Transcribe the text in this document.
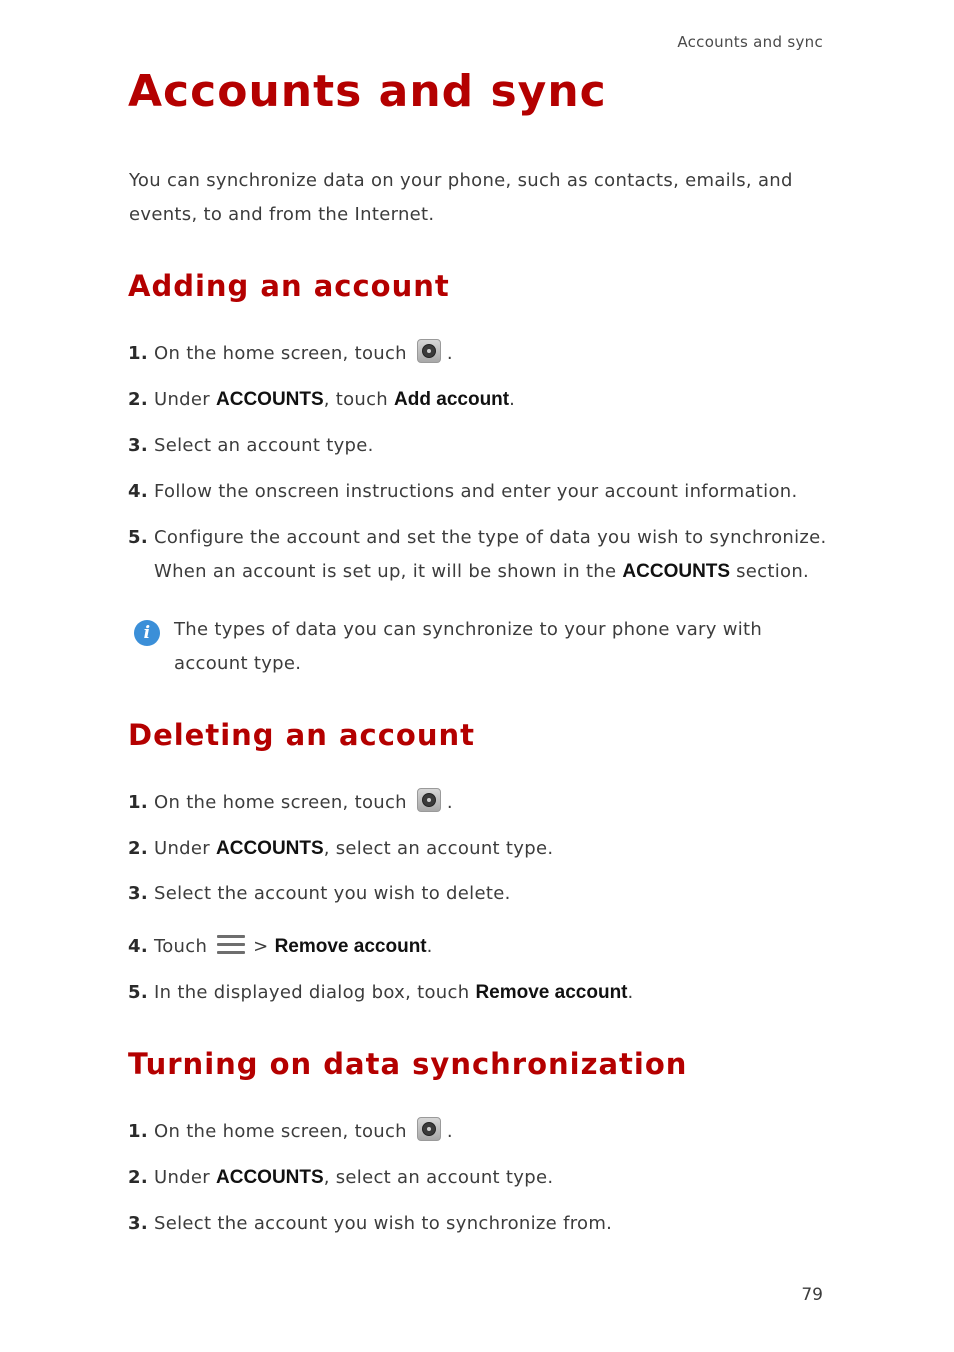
Accounts and sync
Accounts and sync

You can synchronize data on your phone, such as contacts, emails, and events, to and from the Internet.

Adding an account
1. On the home screen, touch .
2. Under ACCOUNTS, touch Add account.
3. Select an account type.
4. Follow the onscreen instructions and enter your account information.
5. Configure the account and set the type of data you wish to synchronize.
When an account is set up, it will be shown in the ACCOUNTS section.
i	The types of data you can synchronize to your phone vary with account type.
Deleting an account
1. On the home screen, touch .
2. Under ACCOUNTS, select an account type.
3. Select the account you wish to delete.
4. Touch	> Remove account.
5. In the displayed dialog box, touch Remove account.
Turning on data synchronization
1. On the home screen, touch .
2. Under ACCOUNTS, select an account type.
3. Select the account you wish to synchronize from.
79
